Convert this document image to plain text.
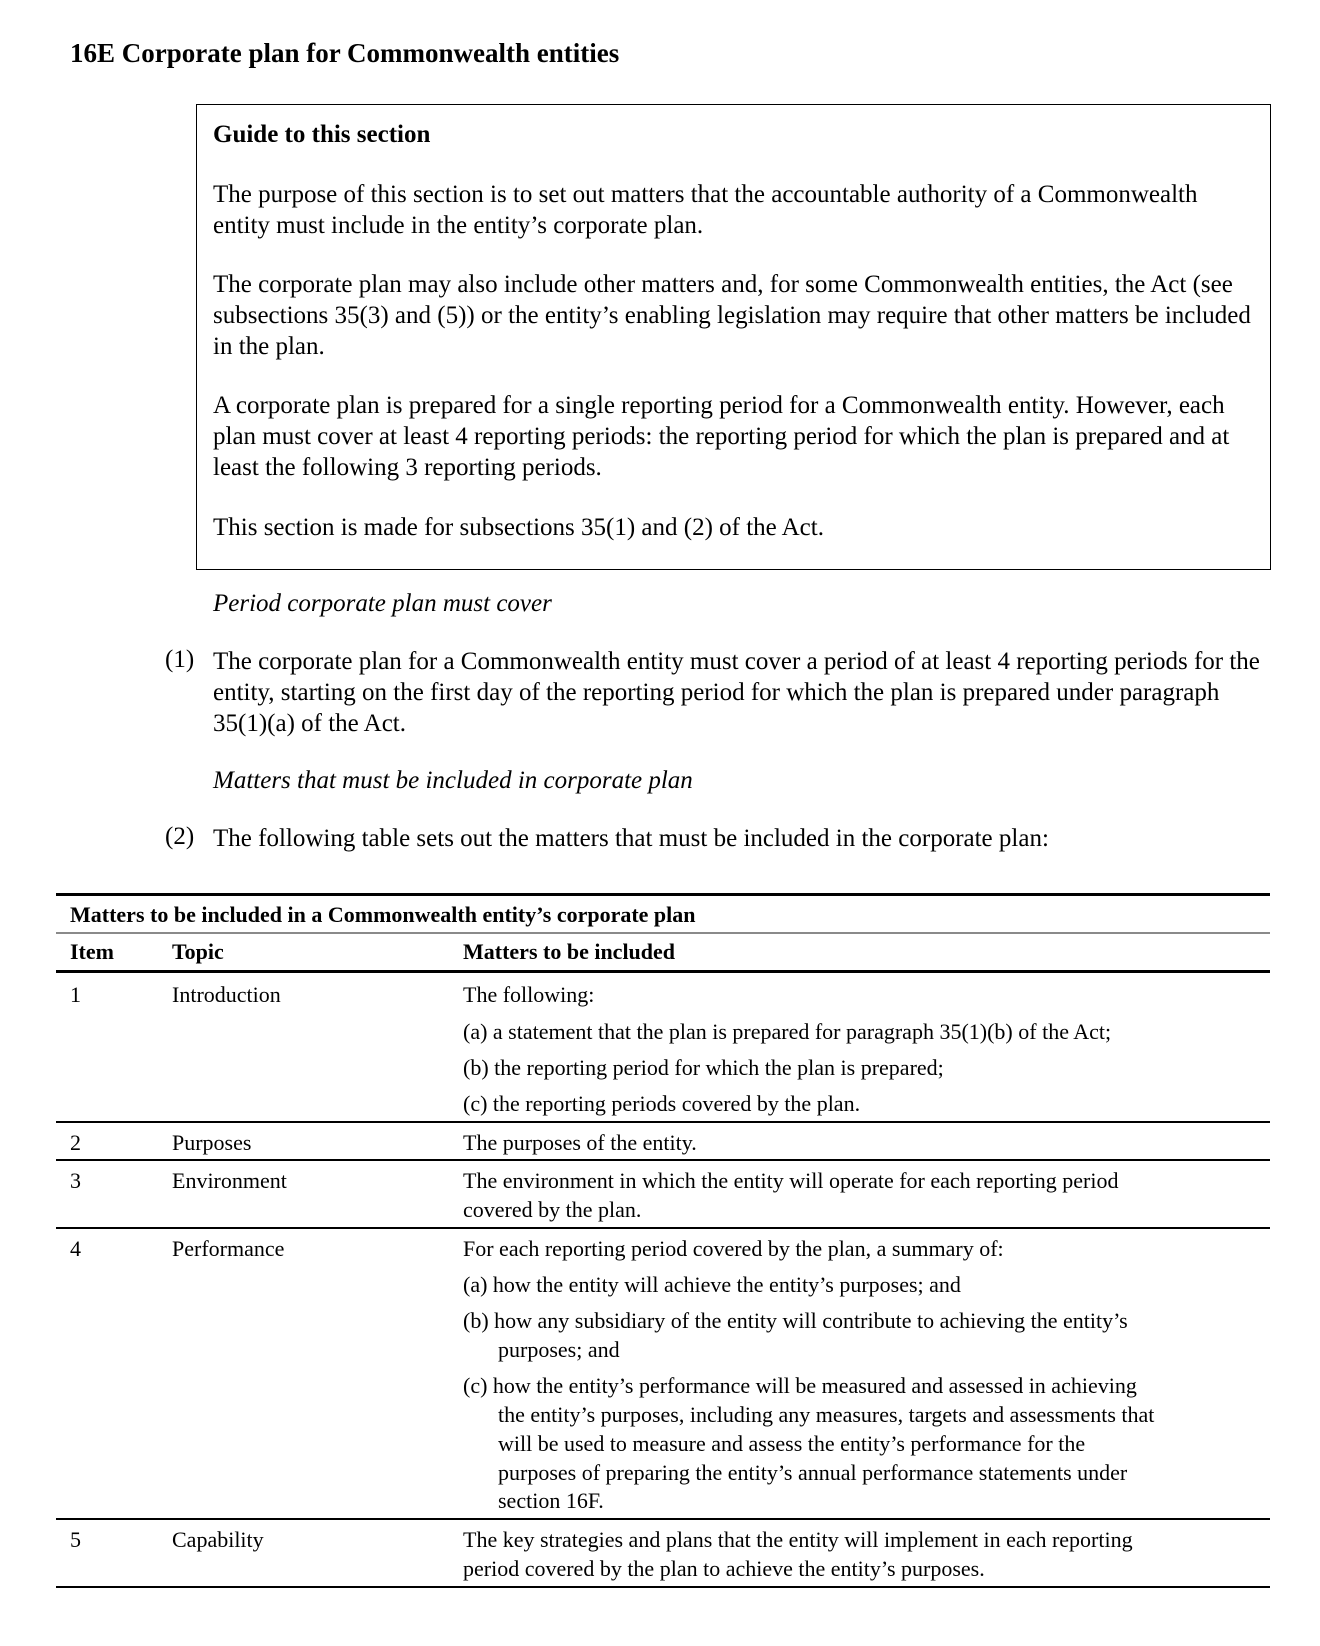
16E Corporate plan for Commonwealth entities
Guide to this section

The purpose of this section is to set out matters that the accountable authority of a Commonwealth entity must include in the entity’s corporate plan.

The corporate plan may also include other matters and, for some Commonwealth entities, the Act (see subsections 35(3) and (5)) or the entity’s enabling legislation may require that other matters be included in the plan.

A corporate plan is prepared for a single reporting period for a Commonwealth entity. However, each plan must cover at least 4 reporting periods: the reporting period for which the plan is prepared and at least the following 3 reporting periods.

This section is made for subsections 35(1) and (2) of the Act.

Period corporate plan must cover
(1) The corporate plan for a Commonwealth entity must cover a period of at least 4 reporting periods for the entity, starting on the first day of the reporting period for which the plan is prepared under paragraph 35(1)(a) of the Act.
Matters that must be included in corporate plan
(2) The following table sets out the matters that must be included in the corporate plan:
Matters to be included in a Commonwealth entity’s corporate plan
Item	Topic	Matters to be included
1	Introduction	The following:
(a) a statement that the plan is prepared for paragraph 35(1)(b) of the Act;
(b) the reporting period for which the plan is prepared;
(c) the reporting periods covered by the plan.
2	Purposes	The purposes of the entity.
3	Environment	The environment in which the entity will operate for each reporting period
covered by the plan.
4	Performance	For each reporting period covered by the plan, a summary of:
(a) how the entity will achieve the entity’s purposes; and
(b) how any subsidiary of the entity will contribute to achieving the entity’s
purposes; and
(c) how the entity’s performance will be measured and assessed in achieving
the entity’s purposes, including any measures, targets and assessments that
will be used to measure and assess the entity’s performance for the
purposes of preparing the entity’s annual performance statements under
section 16F.
5	Capability	The key strategies and plans that the entity will implement in each reporting
period covered by the plan to achieve the entity’s purposes.
